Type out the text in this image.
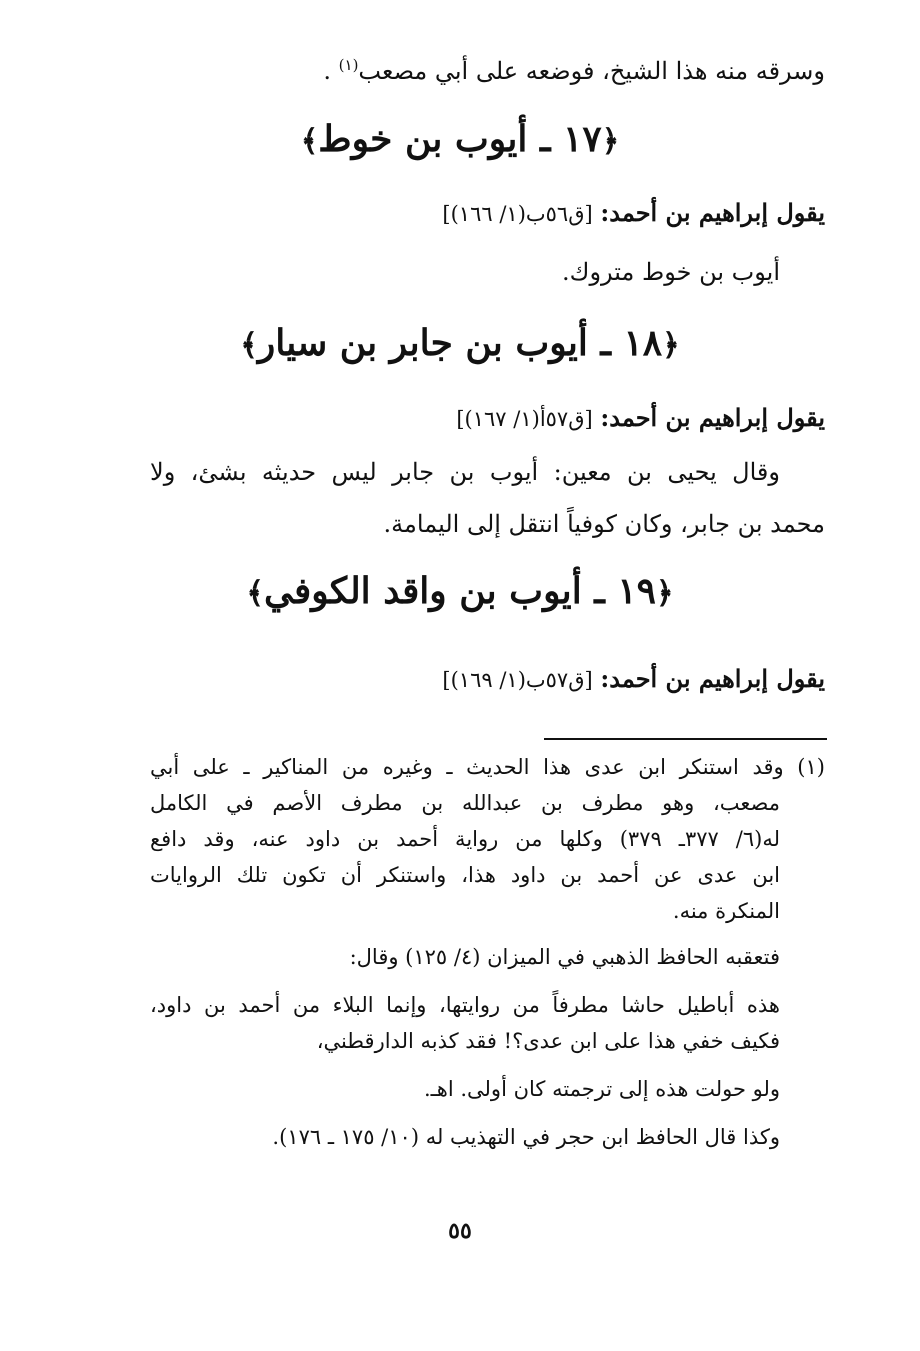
وسرقه منه هذا الشيخ، فوضعه على أبي مصعب$^{(١)}$ .
﴿١٧ ـ أيوب بن خوط﴾
يقول إبراهيم بن أحمد: [ق٥٦ب(١/ ١٦٦)]
أيوب بن خوط متروك.
﴿١٨ ـ أيوب بن جابر بن سيار﴾
يقول إبراهيم بن أحمد: [ق٥٧أ(١/ ١٦٧)]
وقال يحيى بن معين: أيوب بن جابر ليس حديثه بشئ، ولا
محمد بن جابر، وكان كوفياً انتقل إلى اليمامة.
﴿١٩ ـ أيوب بن واقد الكوفي﴾
يقول إبراهيم بن أحمد: [ق٥٧ب(١/ ١٦٩)]
(١) وقد استنكر ابن عدى هذا الحديث ـ وغيره من المناكير ـ على أبي
مصعب، وهو مطرف بن عبدالله بن مطرف الأصم في الكامل
له(٦/ ٣٧٧ـ ٣٧٩) وكلها من رواية أحمد بن داود عنه، وقد دافع
ابن عدى عن أحمد بن داود هذا، واستنكر أن تكون تلك الروايات
المنكرة منه.
فتعقبه الحافظ الذهبي في الميزان (٤/ ١٢٥) وقال:
هذه أباطيل حاشا مطرفاً من روايتها، وإنما البلاء من أحمد بن داود،
فكيف خفي هذا على ابن عدى؟! فقد كذبه الدارقطني،
ولو حولت هذه إلى ترجمته كان أولى. اهـ.
وكذا قال الحافظ ابن حجر في التهذيب له (١٠/ ١٧٥ ـ ١٧٦).
٥٥
